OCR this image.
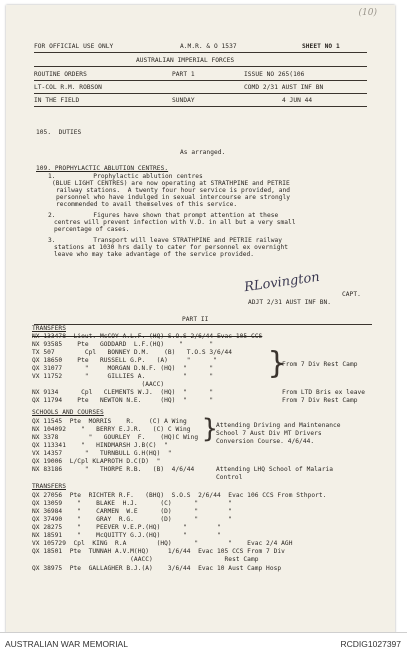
(10)
FOR OFFICIAL USE ONLY	A.M.R. & O 1537	SHEET NO 1
AUSTRALIAN IMPERIAL FORCES
ROUTINE ORDERS	PART 1	ISSUE NO 265(106
LT-COL R.M. ROBSON	COMD 2/31 AUST INF BN
IN THE FIELD	SUNDAY	4 JUN 44
105.  DUTIES
As arranged.
109. PROPHYLACTIC ABLUTION CENTRES.
1.          Prophylactic ablution centres
(BLUE LIGHT CENTRES) are now operating at STRATHPINE and PETRIE
railway stations.  A twenty four hour service is provided, and
personnel who have indulged in sexual intercourse are strongly
recommended to avail themselves of this service.
2.          Figures have shown that prompt attention at these
centres will prevent infection with V.D. in all but a very small
percentage of cases.
3.          Transport will leave STRATHPINE and PETRIE railway
stations at 1030 hrs daily to cater for personnel ex overnight
leave who may take advantage of the service provided.
RLovington	CAPT.
ADJT 2/31 AUST INF BN.
PART II
TRANSFERS
NX 133478  Lieut. McCOY A.L.F. (HQ) S.O.S 2/6/44 Evac 105 CCS
NX 93585    Pte   GODDARD  L.F.(HQ)    "       "
TX 507        Cpl   BONNEY D.M.    (B)   T.O.S 3/6/44
QX 18650    Pte   RUSSELL G.P.   (A)     "      "
QX 31077      "     MORGAN D.N.F. (HQ)  "      "
VX 11752      "     GILLIES A.          "      "
(AACC)
NX 9134      Cpl   CLEMENTS W.J.  (HQ)  "      "
QX 11794    Pte   NEWTON N.E.     (HQ)  "      "
}
From 7 Div Rest Camp
From LTD Bris ex leave
From 7 Div Rest Camp
SCHOOLS AND COURSES
QX 11545  Pte  MORRIS    R.    (C) A Wing
NX 104092    "   BERRY E.J.R.   (C) C Wing
NX 3378        "   GOURLEY  F.    (HQ)C Wing
QX 113341    "   HINDMARSH J.B(C)  "
VX 14357      "   TURNBULL G.H(HQ)  "
QX 19006  L/Cpl KLAPROTH D.C(D)  "
NX 83186      "   THORPE R.B.   (B)  4/6/44
}
Attending Driving and Maintenance
School 7 Aust Div MT Drivers
Conversion Course. 4/6/44.
Attending LHQ School of Malaria
Control
TRANSFERS
QX 27056  Pte  RICHTER R.F.   (BHQ)  S.O.S  2/6/44  Evac 106 CCS From Sthport.
QX 13059    "    BLAKE  H.J.      (C)      "        "
NX 36984    "    CARMEN  W.E      (D)      "        "
QX 37490    "    GRAY  R.G.       (D)      "        "
QX 28275    "    PEEVER V.E.P.(HQ)      "        "
NX 18591    "    McQUITTY G.J.(HQ)      "        "
VX 105729  Cpl  KING  R.A        (HQ)      "        "    Evac 2/4 AGH
QX 18501  Pte  TUNNAH A.V.M(HQ)     1/6/44  Evac 105 CCS From 7 Div
(AACC)                   Rest Camp
QX 38975  Pte  GALLAGHER B.J.(A)    3/6/44  Evac 10 Aust Camp Hosp
AUSTRALIAN WAR MEMORIAL	RCDIG1027397
